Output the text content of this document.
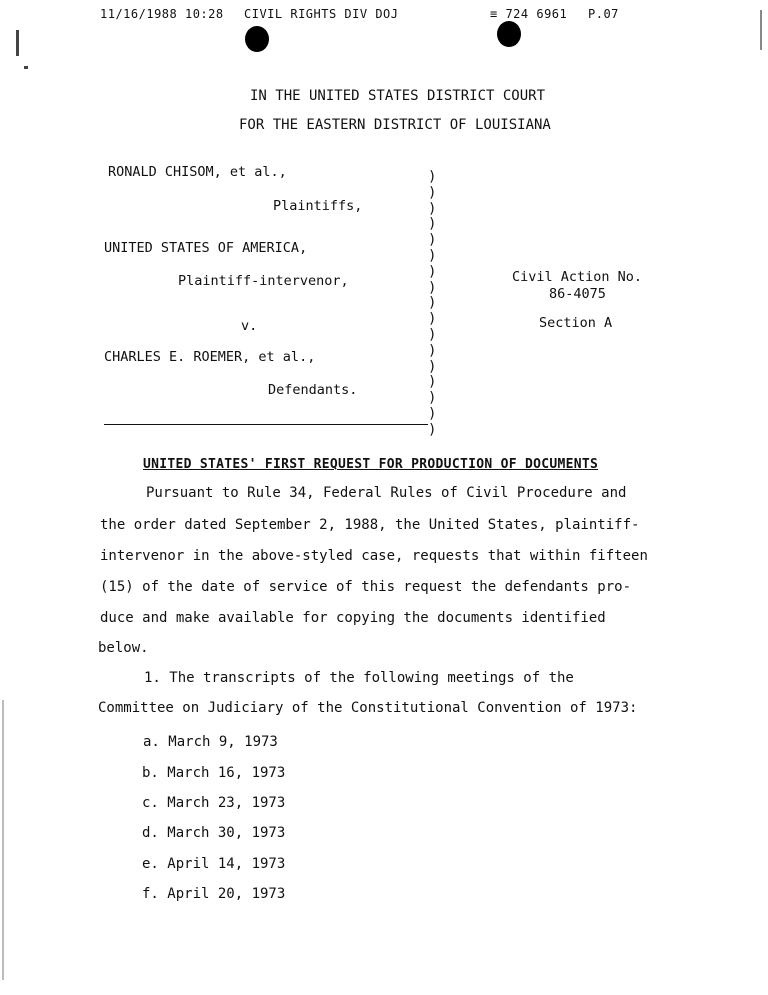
11/16/1988 10:28 CIVIL RIGHTS DIV DOJ	≡ 724 6961 P.07
IN THE UNITED STATES DISTRICT COURT
FOR THE EASTERN DISTRICT OF LOUISIANA
RONALD CHISOM, et al.,
Plaintiffs,
UNITED STATES OF AMERICA,
Plaintiff-intervenor,
v.
CHARLES E. ROEMER, et al.,
Defendants.
)
)
)
)
)
)
)
)
)
)
)
)
)
)
)
)
)
Civil Action No.
86-4075
Section A
UNITED STATES' FIRST REQUEST FOR PRODUCTION OF DOCUMENTS
Pursuant to Rule 34, Federal Rules of Civil Procedure and
the order dated September 2, 1988, the United States, plaintiff-
intervenor in the above-styled case, requests that within fifteen
(15) of the date of service of this request the defendants pro-
duce and make available for copying the documents identified
below.
1. The transcripts of the following meetings of the
Committee on Judiciary of the Constitutional Convention of 1973:
a. March 9, 1973
b. March 16, 1973
c. March 23, 1973
d. March 30, 1973
e. April 14, 1973
f. April 20, 1973
